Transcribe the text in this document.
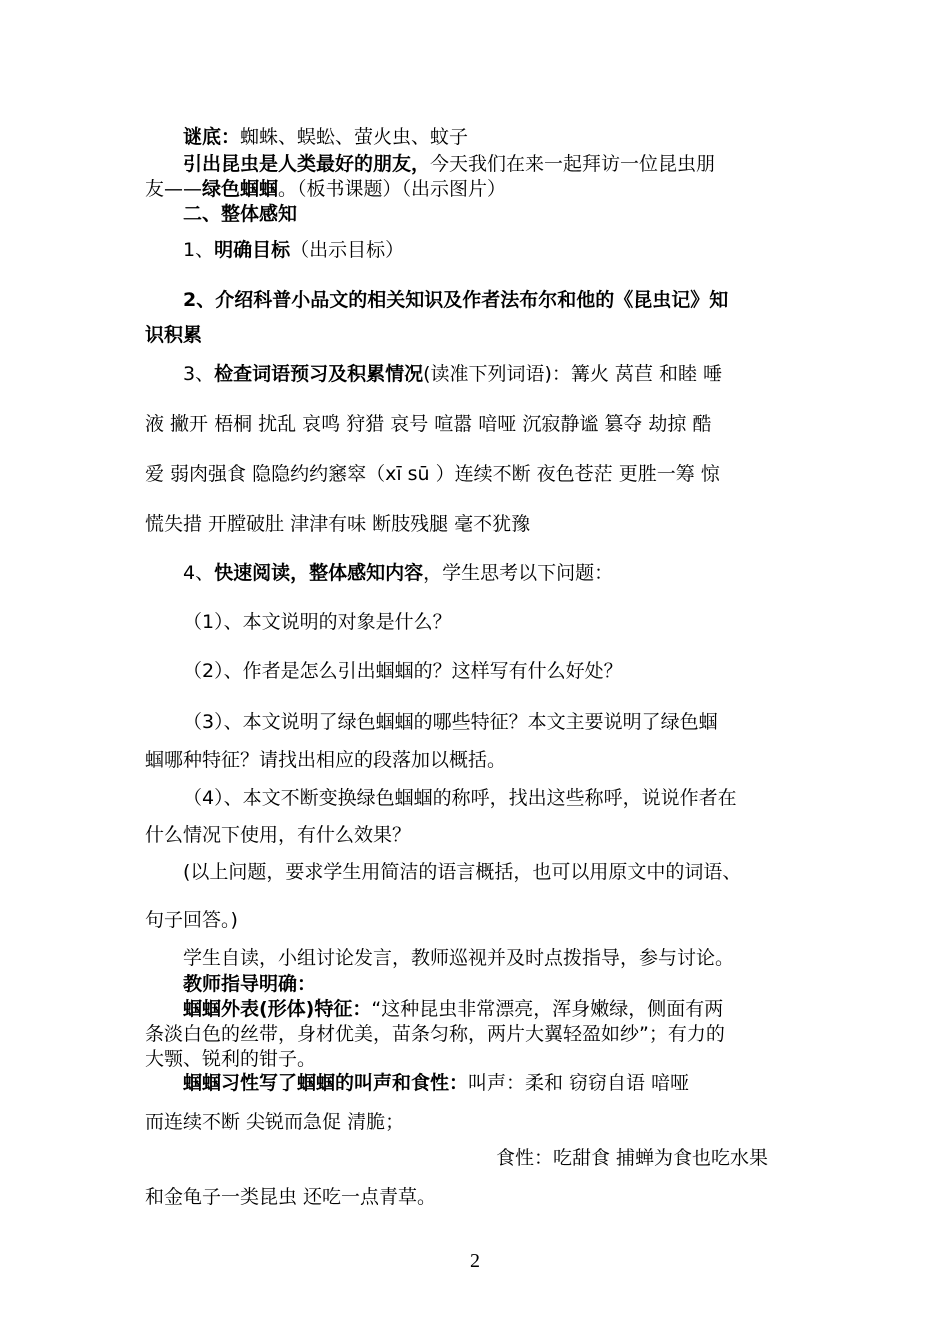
谜底：蜘蛛、蜈蚣、萤火虫、蚊子
引出昆虫是人类最好的朋友，今天我们在来一起拜访一位昆虫朋
友——绿色蝈蝈。（板书课题）（出示图片）
二、整体感知
1、明确目标（出示目标）
2、介绍科普小品文的相关知识及作者法布尔和他的《昆虫记》知
识积累
3、检查词语预习及积累情况(读准下列词语)：篝火 莴苣 和睦 唾
液 撇开 梧桐 扰乱 哀鸣 狩猎 哀号 喧嚣 喑哑 沉寂静谧 篡夺 劫掠 酷
爱 弱肉强食 隐隐约约窸窣（xī sū ）连续不断 夜色苍茫 更胜一筹 惊
慌失措 开膛破肚 津津有味 断肢残腿 毫不犹豫
4、快速阅读，整体感知内容，学生思考以下问题：
（1）、本文说明的对象是什么？
（2）、作者是怎么引出蝈蝈的？这样写有什么好处？
（3）、本文说明了绿色蝈蝈的哪些特征？本文主要说明了绿色蝈
蝈哪种特征？请找出相应的段落加以概括。
（4）、本文不断变换绿色蝈蝈的称呼，找出这些称呼，说说作者在
什么情况下使用，有什么效果？
(以上问题，要求学生用简洁的语言概括，也可以用原文中的词语、
句子回答。)
学生自读，小组讨论发言，教师巡视并及时点拨指导，参与讨论。
教师指导明确：
蝈蝈外表(形体)特征：“这种昆虫非常漂亮，浑身嫩绿，侧面有两
条淡白色的丝带，身材优美，苗条匀称，两片大翼轻盈如纱”；有力的
大颚、锐利的钳子。
蝈蝈习性写了蝈蝈的叫声和食性：叫声：柔和 窃窃自语 喑哑
而连续不断 尖锐而急促 清脆；
食性：吃甜食 捕蝉为食也吃水果
和金龟子一类昆虫 还吃一点青草。
2
